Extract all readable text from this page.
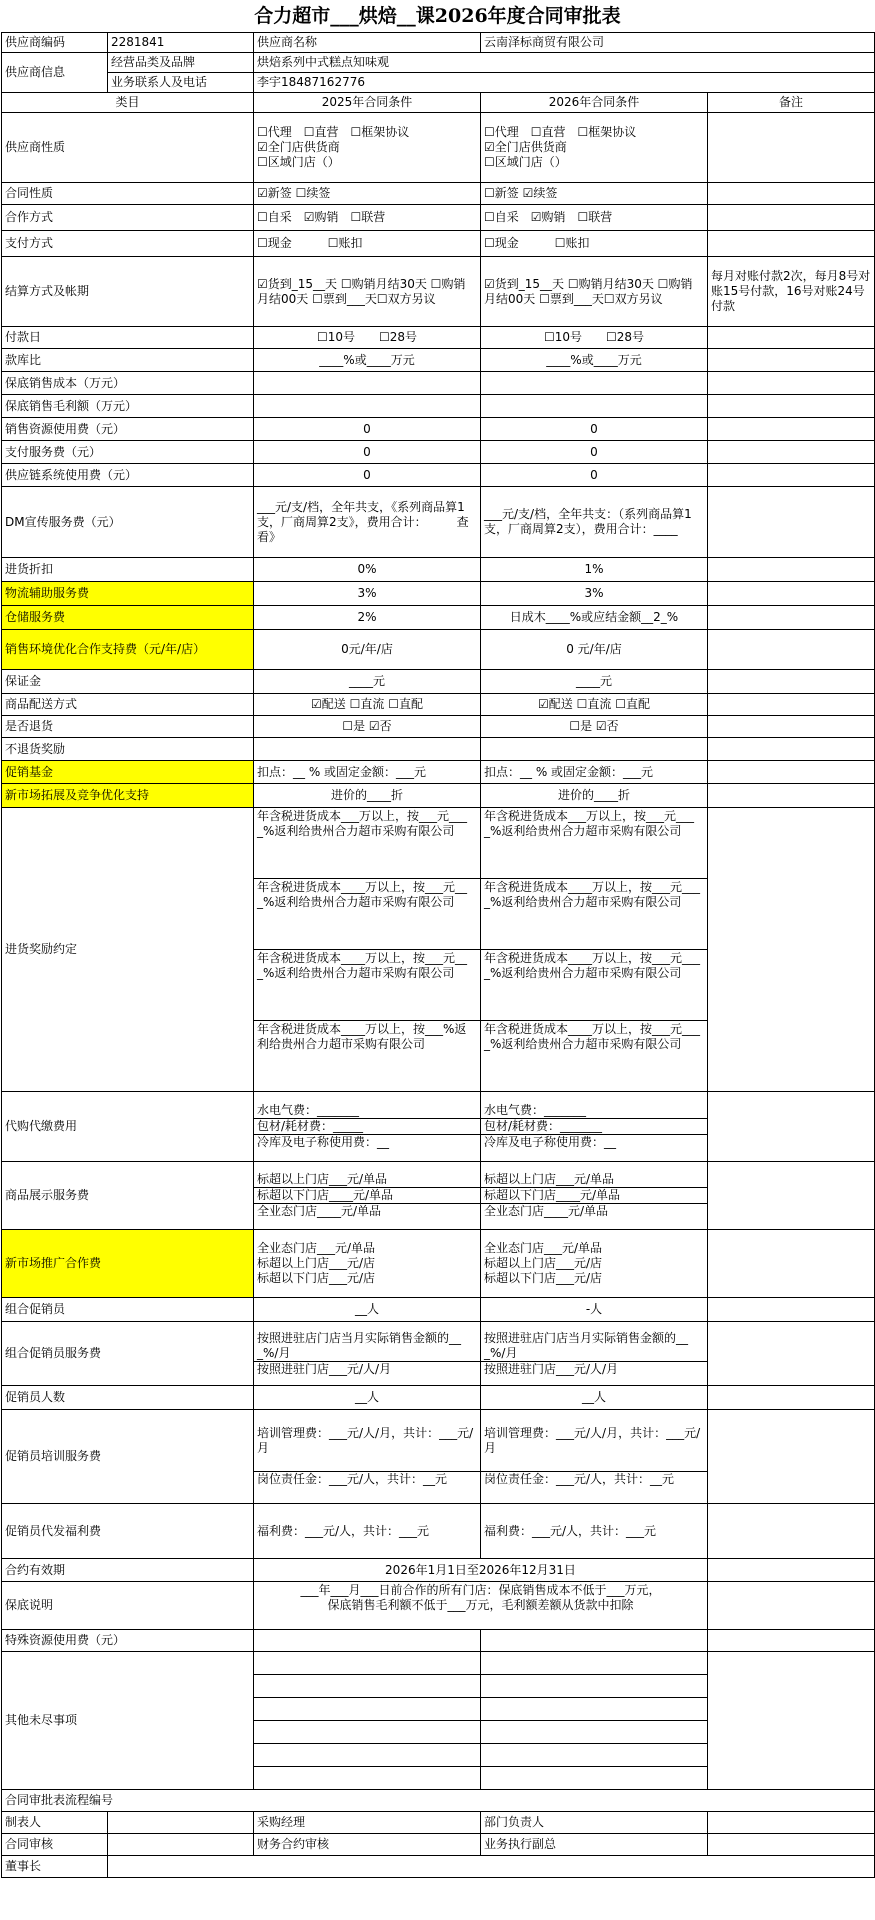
合力超市___烘焙__课2026年度合同审批表
供应商编码	2281841	供应商名称	云南泽标商贸有限公司	
供应商信息	经营品类及品牌	烘焙系列中式糕点知味观		
	业务联系人及电话	李宇18487162776		
类目		2025年合同条件	2026年合同条件	备注
供应商性质		☐代理　☐直营　☐框架协议
☑全门店供货商
☐区域门店（）	☐代理　☐直营　☐框架协议
☑全门店供货商
☐区域门店（）	

合同性质		☑新签 ☐续签	☐新签 ☑续签	
合作方式		☐自采　☑购销　☐联营	☐自采　☑购销　☐联营	
支付方式		☐现金　　　☐账扣	☐现金　　　☐账扣	
结算方式及帐期		☑货到_15__天 ☐购销月结30天 ☐购销月结00天 ☐票到___天☐双方另议	☑货到_15__天 ☐购销月结30天 ☐购销月结00天 ☐票到___天☐双方另议	每月对账付款2次，每月8号对账15号付款，16号对账24号付款
付款日		☐10号　　☐28号	☐10号　　☐28号	
款库比		____%或____万元	____%或____万元	
保底销售成本（万元）				
保底销售毛利额（万元）				
销售资源使用费（元）		0	0	
支付服务费（元）		0	0	
供应链系统使用费（元）		0	0	
DM宣传服务费（元）		___元/支/档，全年共支，《系列商品算1支，厂商周算2支》，费用合计：　　　查看》	___元/支/档，全年共支：（系列商品算1支，厂商周算2支），费用合计：____	
进货折扣		0%	1%	
物流辅助服务费		3%	3%	
仓储服务费		2%	日成木____%或应结金额__2_%	
销售环境优化合作支持费（元/年/店）		0元/年/店	0 元/年/店	
保证金		____元	____元	
商品配送方式		☑配送 ☐直流 ☐直配	☑配送 ☐直流 ☐直配	
是否退货		☐是 ☑否	☐是 ☑否	
不退货奖励				
促销基金		扣点：__ % 或固定金额：___元	扣点：__ % 或固定金额：___元	
新市场拓展及竞争优化支持		进价的____折	进价的____折	
进货奖励约定		年含税进货成本___万以上，按___元____%返利给贵州合力超市采购有限公司	年含税进货成本___万以上，按___元____%返利给贵州合力超市采购有限公司	
		年含税进货成本____万以上，按___元___%返利给贵州合力超市采购有限公司	年含税进货成本____万以上，按___元____%返利给贵州合力超市采购有限公司	
		年含税进货成本____万以上，按___元___%返利给贵州合力超市采购有限公司	年含税进货成本____万以上，按___元____%返利给贵州合力超市采购有限公司	
		年含税进货成本____万以上，按___%返利给贵州合力超市采购有限公司	年含税进货成本____万以上，按___元____%返利给贵州合力超市采购有限公司	
代购代缴费用		水电气费：_______
包材/耗材费：_____
冷库及电子称使用费：__	水电气费：_______
包材/耗材费：_______
冷库及电子称使用费：__	

商品展示服务费		标超以上门店___元/单品
标超以下门店____元/单品
全业态门店____元/单品	标超以上门店___元/单品
标超以下门店____元/单品
全业态门店____元/单品	

新市场推广合作费		全业态门店___元/单品
标超以上门店___元/店
标超以下门店___元/店	全业态门店___元/单品
标超以上门店___元/店
标超以下门店___元/店	

组合促销员		__人	-人	
组合促销员服务费		按照进驻店门店当月实际销售金额的___%/月
按照进驻门店___元/人/月	按照进驻店门店当月实际销售金额的___%/月
按照进驻门店___元/人/月	

促销员人数		__人	__人	
促销员培训服务费		培训管理费：___元/人/月，共计：___元/月
岗位责任金：___元/人，共计：__元	培训管理费：___元/人/月，共计：___元/月
岗位责任金：___元/人，共计：__元	

促销员代发福利费		福利费：___元/人，共计：___元	福利费：___元/人，共计：___元	
合约有效期		2026年1月1日至2026年12月31日		
保底说明		___年___月___日前合作的所有门店：保底销售成本不低于___万元，
保底销售毛利额不低于___万元，毛利额差额从货款中扣除		

特殊资源使用费（元）				
其他未尽事项				

合同审批表流程编号				
制表人		采购经理	部门负责人	
合同审核		财务合约审核	业务执行副总	
董事长				
